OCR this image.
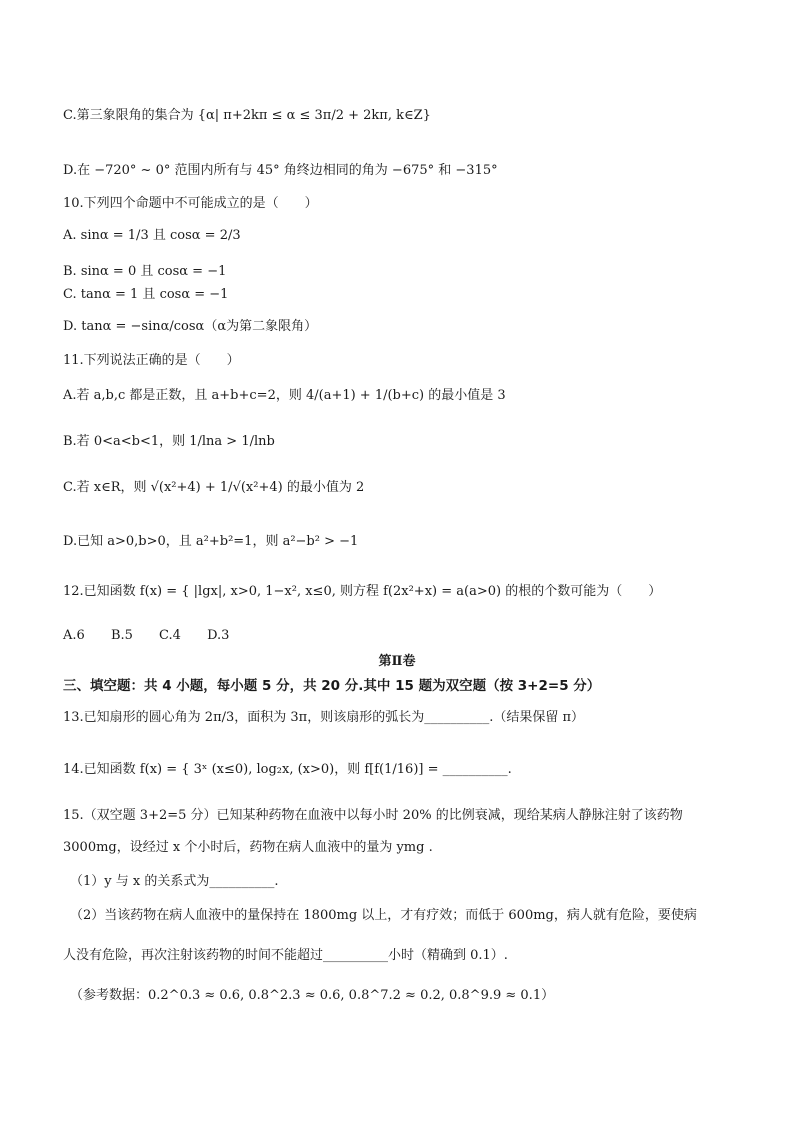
C.第三象限角的集合为 {α| π+2kπ ≤ α ≤ 3π/2 + 2kπ, k∈Z}
D.在 −720° ~ 0° 范围内所有与 45° 角终边相同的角为 −675° 和 −315°
10.下列四个命题中不可能成立的是（　　）
A. sinα = 1/3 且 cosα = 2/3
B. sinα = 0 且 cosα = −1
C. tanα = 1 且 cosα = −1
D. tanα = −sinα/cosα（α为第二象限角）
11.下列说法正确的是（　　）
A.若 a,b,c 都是正数，且 a+b+c=2，则 4/(a+1) + 1/(b+c) 的最小值是 3
B.若 0<a<b<1，则 1/lna > 1/lnb
C.若 x∈R，则 √(x²+4) + 1/√(x²+4) 的最小值为 2
D.已知 a>0,b>0，且 a²+b²=1，则 a²−b² > −1
12.已知函数 f(x) = { |lgx|, x>0, 1−x², x≤0, 则方程 f(2x²+x) = a(a>0) 的根的个数可能为（　　）
A.6 B.5 C.4 D.3
第Ⅱ卷
三、填空题：共 4 小题，每小题 5 分，共 20 分.其中 15 题为双空题（按 3+2=5 分）
13.已知扇形的圆心角为 2π/3，面积为 3π，则该扇形的弧长为__________.（结果保留 π）
14.已知函数 f(x) = { 3ˣ (x≤0), log₂x, (x>0)，则 f[f(1/16)] = __________.
15.（双空题 3+2=5 分）已知某种药物在血液中以每小时 20% 的比例衰减，现给某病人静脉注射了该药物
3000mg，设经过 x 个小时后，药物在病人血液中的量为 ymg .
（1）y 与 x 的关系式为__________.
（2）当该药物在病人血液中的量保持在 1800mg 以上，才有疗效；而低于 600mg，病人就有危险，要使病
人没有危险，再次注射该药物的时间不能超过__________小时（精确到 0.1）.
（参考数据：0.2^0.3 ≈ 0.6, 0.8^2.3 ≈ 0.6, 0.8^7.2 ≈ 0.2, 0.8^9.9 ≈ 0.1）
